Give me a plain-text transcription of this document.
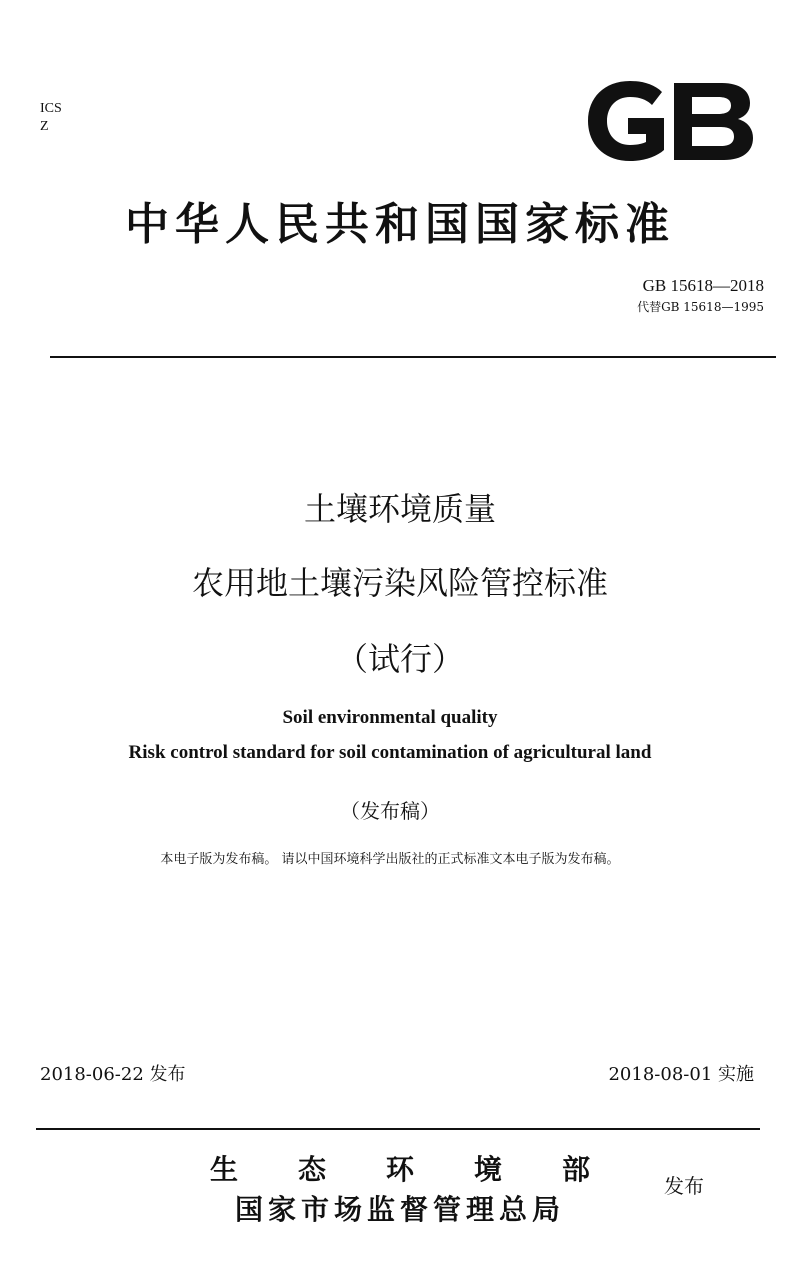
ICS
Z
中华人民共和国国家标准
GB 15618—2018
代替GB 15618—1995
土壤环境质量
农用地土壤污染风险管控标准
（试行）
Soil environmental quality
Risk control standard for soil contamination of agricultural land
（发布稿）
本电子版为发布稿。 请以中国环境科学出版社的正式标准文本电子版为发布稿。
2018-06-22 发布	2018-08-01 实施
生 态 环 境 部
国家市场监督管理总局
发布
